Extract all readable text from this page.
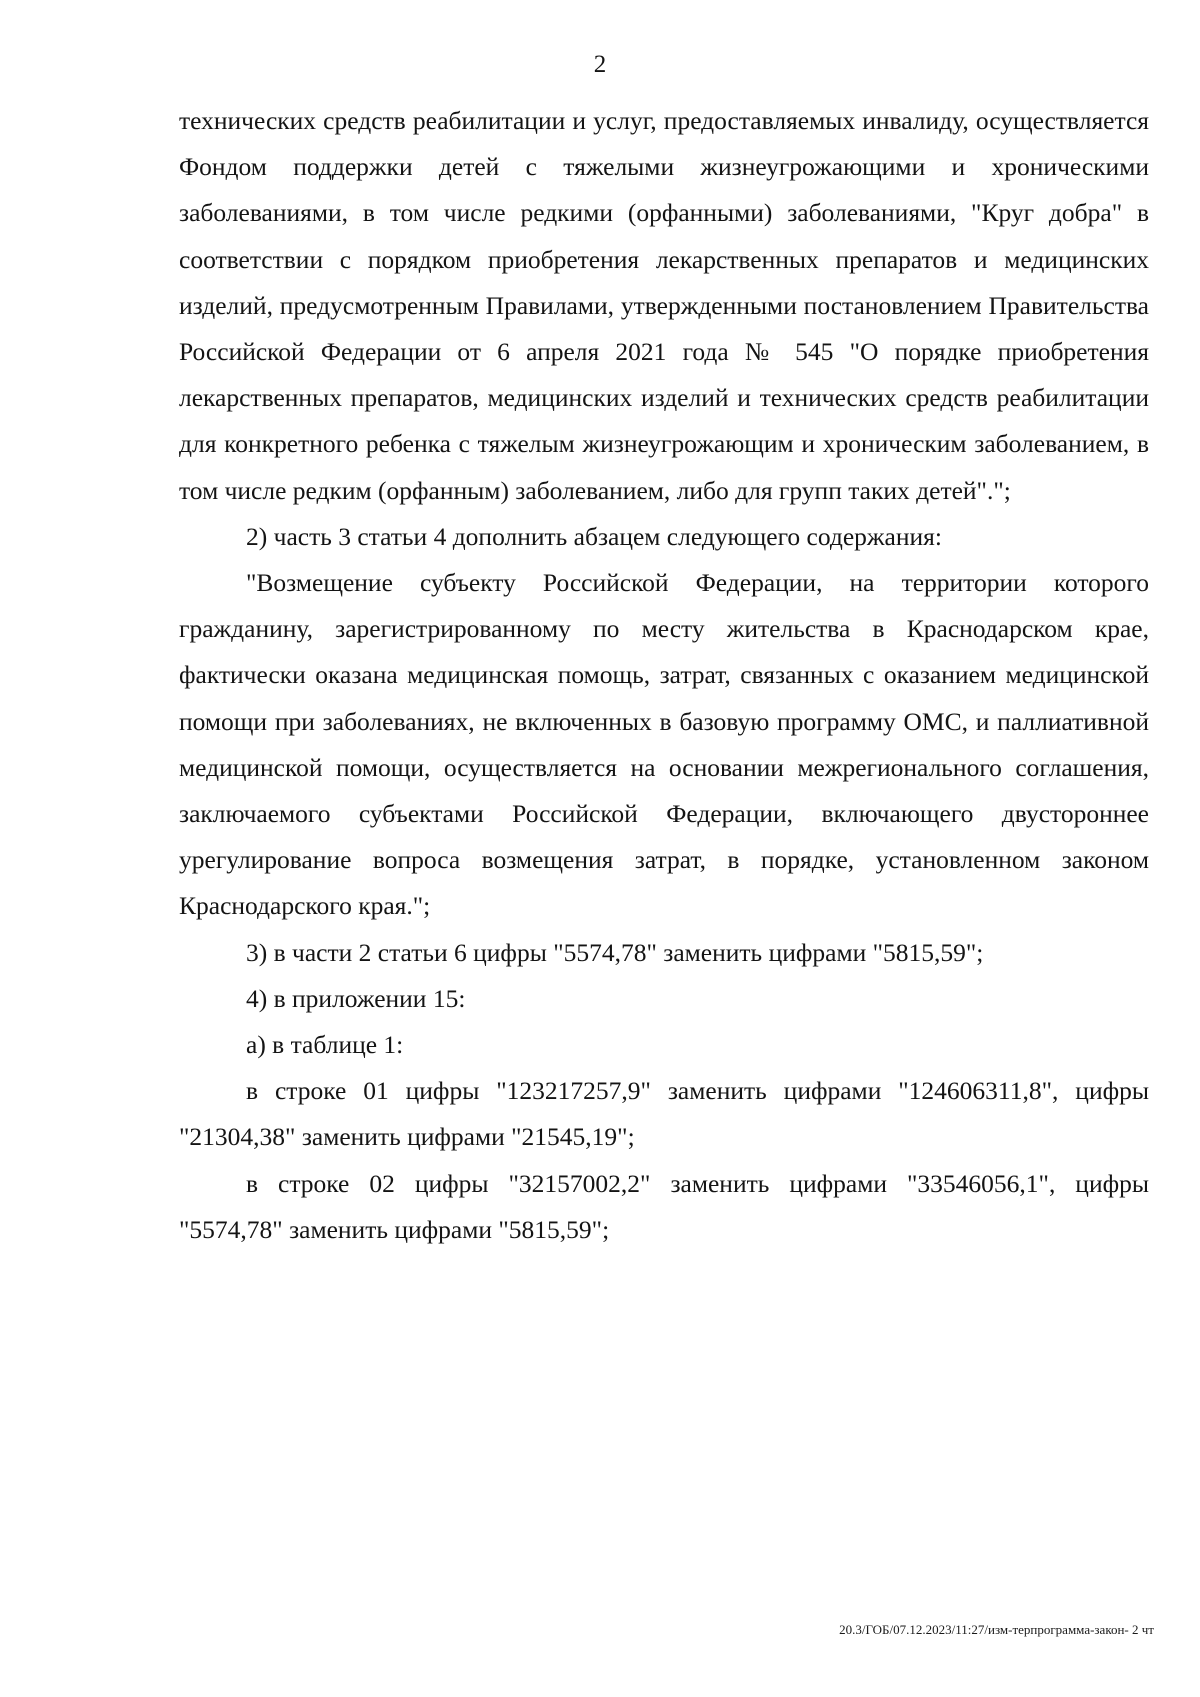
2

технических средств реабилитации и услуг, предоставляемых инвалиду, осуществляется Фондом поддержки детей с тяжелыми жизнеугрожающими и хроническими заболеваниями, в том числе редкими (орфанными) заболеваниями, "Круг добра" в соответствии с порядком приобретения лекарственных препаратов и медицинских изделий, предусмотренным Правилами, утвержденными постановлением Правительства Российской Федерации от 6 апреля 2021 года № 545 "О порядке приобретения лекарственных препаратов, медицинских изделий и технических средств реабилитации для конкретного ребенка с тяжелым жизнеугрожающим и хроническим заболеванием, в том числе редким (орфанным) заболеванием, либо для групп таких детей".";

2) часть 3 статьи 4 дополнить абзацем следующего содержания:

"Возмещение субъекту Российской Федерации, на территории которого гражданину, зарегистрированному по месту жительства в Краснодарском крае, фактически оказана медицинская помощь, затрат, связанных с оказанием медицинской помощи при заболеваниях, не включенных в базовую программу ОМС, и паллиативной медицинской помощи, осуществляется на основании межрегионального соглашения, заключаемого субъектами Российской Федерации, включающего двустороннее урегулирование вопроса возмещения затрат, в порядке, установленном законом Краснодарского края.";

3) в части 2 статьи 6 цифры "5574,78" заменить цифрами "5815,59";

4) в приложении 15:

а) в таблице 1:

в строке 01 цифры "123217257,9" заменить цифрами "124606311,8", цифры "21304,38" заменить цифрами "21545,19";

в строке 02 цифры "32157002,2" заменить цифрами "33546056,1", цифры "5574,78" заменить цифрами "5815,59";

20.3/ГОБ/07.12.2023/11:27/изм-терпрограмма-закон- 2 чт
